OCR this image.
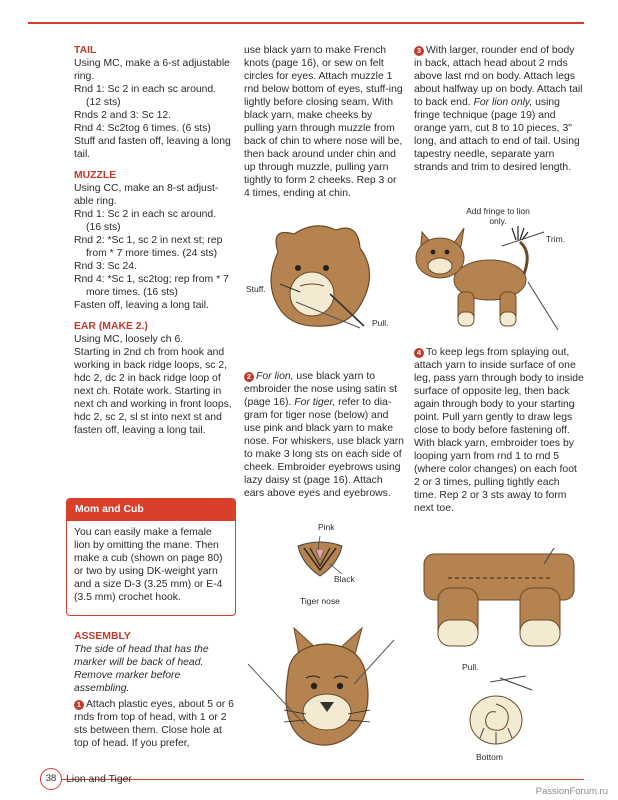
TAIL

Using MC, make a 6-st adjustable ring.

Rnd 1: Sc 2 in each sc around.

(12 sts)

Rnds 2 and 3: Sc 12.

Rnd 4: Sc2tog 6 times. (6 sts)

Stuff and fasten off, leaving a long tail.

MUZZLE

Using CC, make an 8-st adjust-able ring.

Rnd 1: Sc 2 in each sc around.

(16 sts)

Rnd 2: *Sc 1, sc 2 in next st; rep from * 7 more times. (24 sts)

Rnd 3: Sc 24.

Rnd 4: *Sc 1, sc2tog; rep from * 7 more times. (16 sts)

Fasten off, leaving a long tail.

EAR (MAKE 2.)

Using MC, loosely ch 6.

Starting in 2nd ch from hook and working in back ridge loops, sc 2, hdc 2, dc 2 in back ridge loop of next ch. Rotate work. Starting in next ch and working in front loops, hdc 2, sc 2, sl st into next st and fasten off, leaving a long tail.

Mom and Cub
You can easily make a female lion by omitting the mane. Then make a cub (shown on page 80) or two by using DK-weight yarn and a size D-3 (3.25 mm) or E-4 (3.5 mm) crochet hook.

ASSEMBLY

The side of head that has the marker will be back of head. Remove marker before assembling.

1 Attach plastic eyes, about 5 or 6 rnds from top of head, with 1 or 2 sts between them. Close hole at top of head. If you prefer,

use black yarn to make French knots (page 16), or sew on felt circles for eyes. Attach muzzle 1 rnd below bottom of eyes, stuff-ing lightly before closing seam. With black yarn, make cheeks by pulling yarn through muzzle from back of chin to where nose will be, then back around under chin and up through muzzle, pulling yarn tightly to form 2 cheeks. Rep 3 or 4 times, ending at chin.

Stuff.
Pull.

2 For lion, use black yarn to embroider the nose using satin st (page 16). For tiger, refer to dia-gram for tiger nose (below) and use pink and black yarn to make nose. For whiskers, use black yarn to make 3 long sts on each side of cheek. Embroider eyebrows using lazy daisy st (page 16). Attach ears above eyes and eyebrows.

Pink
Black
Tiger nose

3 With larger, rounder end of body in back, attach head about 2 rnds above last rnd on body. Attach legs about halfway up on body. Attach tail to back end. For lion only, using fringe technique (page 19) and orange yarn, cut 8 to 10 pieces, 3" long, and attach to end of tail. Using tapestry needle, separate yarn strands and trim to desired length.

Add fringe to lion only.
Trim.

4 To keep legs from splaying out, attach yarn to inside surface of one leg, pass yarn through body to inside surface of opposite leg, then back again through body to your starting point. Pull yarn gently to draw legs close to body before fastening off. With black yarn, embroider toes by looping yarn from rnd 1 to rnd 5 (where color changes) on each foot 2 or 3 times, pulling tightly each time. Rep 2 or 3 sts away to form next toe.

Pull.
Bottom
38 Lion and Tiger
PassionForum.ru
